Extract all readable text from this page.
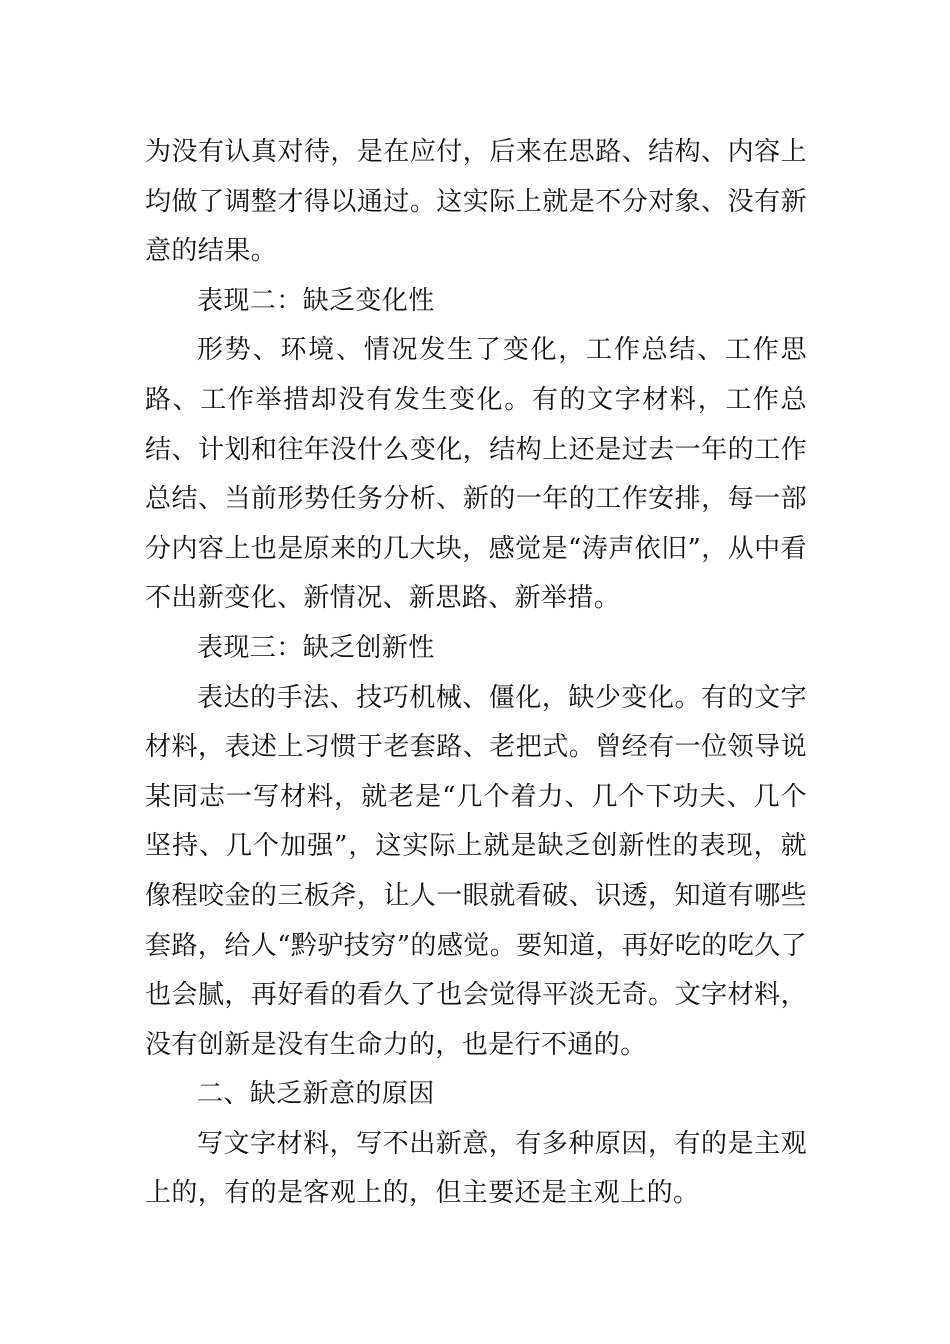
为没有认真对待，是在应付，后来在思路、结构、内容上均做了调整才得以通过。这实际上就是不分对象、没有新意的结果。

表现二：缺乏变化性

形势、环境、情况发生了变化，工作总结、工作思路、工作举措却没有发生变化。有的文字材料，工作总结、计划和往年没什么变化，结构上还是过去一年的工作总结、当前形势任务分析、新的一年的工作安排，每一部分内容上也是原来的几大块，感觉是“涛声依旧”，从中看不出新变化、新情况、新思路、新举措。

表现三：缺乏创新性

表达的手法、技巧机械、僵化，缺少变化。有的文字材料，表述上习惯于老套路、老把式。曾经有一位领导说某同志一写材料，就老是“几个着力、几个下功夫、几个坚持、几个加强”，这实际上就是缺乏创新性的表现，就像程咬金的三板斧，让人一眼就看破、识透，知道有哪些套路，给人“黔驴技穷”的感觉。要知道，再好吃的吃久了也会腻，再好看的看久了也会觉得平淡无奇。文字材料，没有创新是没有生命力的，也是行不通的。

二、缺乏新意的原因

写文字材料，写不出新意，有多种原因，有的是主观上的，有的是客观上的，但主要还是主观上的。
